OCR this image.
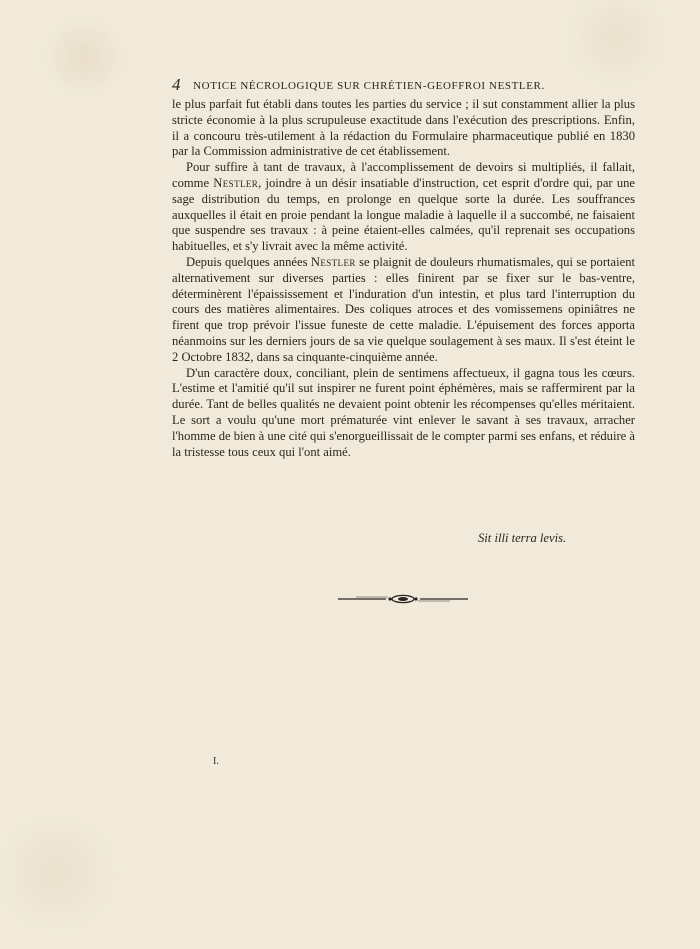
4 NOTICE NÉCROLOGIQUE SUR CHRÉTIEN-GEOFFROI NESTLER.

le plus parfait fut établi dans toutes les parties du service ; il sut constamment allier la plus stricte économie à la plus scrupuleuse exactitude dans l'exécution des prescriptions. Enfin, il a concouru très-utilement à la rédaction du Formulaire pharmaceutique publié en 1830 par la Commission administrative de cet établissement.

Pour suffire à tant de travaux, à l'accomplissement de devoirs si multipliés, il fallait, comme Nestler, joindre à un désir insatiable d'instruction, cet esprit d'ordre qui, par une sage distribution du temps, en prolonge en quelque sorte la durée. Les souffrances auxquelles il était en proie pendant la longue maladie à laquelle il a succombé, ne faisaient que suspendre ses travaux : à peine étaient-elles calmées, qu'il reprenait ses occupations habituelles, et s'y livrait avec la même activité.

Depuis quelques années Nestler se plaignit de douleurs rhumatismales, qui se portaient alternativement sur diverses parties : elles finirent par se fixer sur le bas-ventre, déterminèrent l'épaississement et l'induration d'un intestin, et plus tard l'interruption du cours des matières alimentaires. Des coliques atroces et des vomissemens opiniâtres ne firent que trop prévoir l'issue funeste de cette maladie. L'épuisement des forces apporta néanmoins sur les derniers jours de sa vie quelque soulagement à ses maux. Il s'est éteint le 2 Octobre 1832, dans sa cinquante-cinquième année.

D'un caractère doux, conciliant, plein de sentimens affectueux, il gagna tous les cœurs. L'estime et l'amitié qu'il sut inspirer ne furent point éphémères, mais se raffermirent par la durée. Tant de belles qualités ne devaient point obtenir les récompenses qu'elles méritaient. Le sort a voulu qu'une mort prématurée vint enlever le savant à ses travaux, arracher l'homme de bien à une cité qui s'enorgueillissait de le compter parmi ses enfans, et réduire à la tristesse tous ceux qui l'ont aimé.

Sit illi terra levis.
I.
